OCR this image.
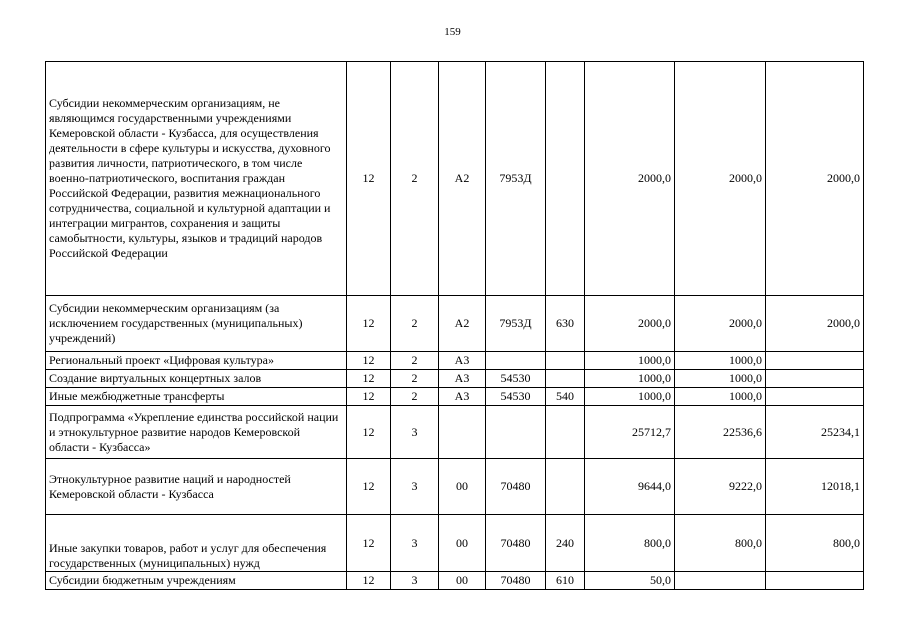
159
Субсидии некоммерческим организациям, не являющимся государственными учреждениями Кемеровской области - Кузбасса, для осуществления деятельности в сфере культуры и искусства, духовного развития личности, патриотического, в том числе военно-патриотического, воспитания граждан Российской Федерации, развития межнационального сотрудничества, социальной и культурной адаптации и интеграции мигрантов, сохранения и защиты самобытности, культуры, языков и традиций народов Российской Федерации	12	2	А2	7953Д		2000,0	2000,0	2000,0
Субсидии некоммерческим организациям (за исключением государственных (муниципальных) учреждений)	12	2	А2	7953Д	630	2000,0	2000,0	2000,0
Региональный проект «Цифровая культура»	12	2	А3			1000,0	1000,0	
Создание виртуальных концертных залов	12	2	А3	54530		1000,0	1000,0	
Иные межбюджетные трансферты	12	2	А3	54530	540	1000,0	1000,0	
Подпрограмма «Укрепление единства российской нации и этнокультурное развитие народов Кемеровской области - Кузбасса»	12	3				25712,7	22536,6	25234,1
Этнокультурное развитие наций и народностей Кемеровской области - Кузбасса	12	3	00	70480		9644,0	9222,0	12018,1
Иные закупки товаров, работ и услуг для обеспечения государственных (муниципальных) нужд	12	3	00	70480	240	800,0	800,0	800,0
Субсидии бюджетным учреждениям	12	3	00	70480	610	50,0		
